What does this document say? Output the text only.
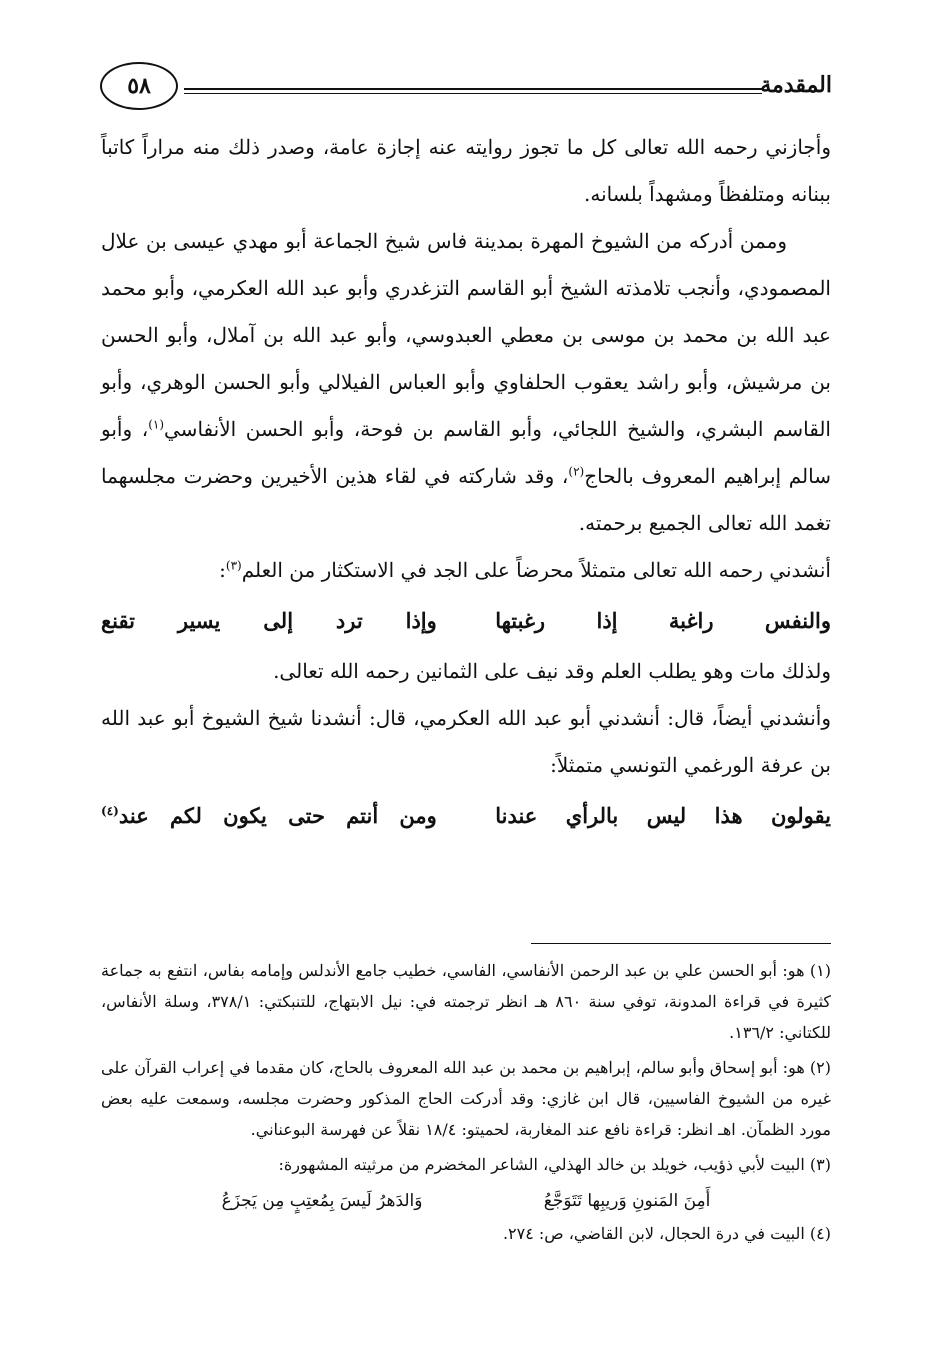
المقدمة
٥٨

وأجازني رحمه الله تعالى كل ما تجوز روايته عنه إجازة عامة، وصدر ذلك منه مراراً كاتباً ببنانه ومتلفظاً ومشهداً بلسانه.

وممن أدركه من الشيوخ المهرة بمدينة فاس شيخ الجماعة أبو مهدي عيسى بن علال المصمودي، وأنجب تلامذته الشيخ أبو القاسم التزغدري وأبو عبد الله العكرمي، وأبو محمد عبد الله بن محمد بن موسى بن معطي العبدوسي، وأبو عبد الله بن آملال، وأبو الحسن بن مرشيش، وأبو راشد يعقوب الحلفاوي وأبو العباس الفيلالي وأبو الحسن الوهري، وأبو القاسم البشري، والشيخ اللجائي، وأبو القاسم بن فوحة، وأبو الحسن الأنفاسي$^{(١)}$، وأبو سالم إبراهيم المعروف بالحاج$^{(٢)}$، وقد شاركته في لقاء هذين الأخيرين وحضرت مجلسهما تغمد الله تعالى الجميع برحمته.

أنشدني رحمه الله تعالى متمثلاً محرضاً على الجد في الاستكثار من العلم$^{(٣)}$:

والنفس راغبة إذا رغبتها
وإذا ترد إلى يسير تقنع

ولذلك مات وهو يطلب العلم وقد نيف على الثمانين رحمه الله تعالى.

وأنشدني أيضاً، قال: أنشدني أبو عبد الله العكرمي، قال: أنشدنا شيخ الشيوخ أبو عبد الله بن عرفة الورغمي التونسي متمثلاً:

يقولون هذا ليس بالرأي عندنا
ومن أنتم حتى يكون لكم عند$^{(٤)}$

(١) هو: أبو الحسن علي بن عبد الرحمن الأنفاسي، الفاسي، خطيب جامع الأندلس وإمامه بفاس، انتفع به جماعة كثيرة في قراءة المدونة، توفي سنة ٨٦٠ هـ انظر ترجمته في: نيل الابتهاج، للتنبكتي: ٣٧٨/١، وسلة الأنفاس، للكتاني: ١٣٦/٢.

(٢) هو: أبو إسحاق وأبو سالم، إبراهيم بن محمد بن عبد الله المعروف بالحاج، كان مقدما في إعراب القرآن على غيره من الشيوخ الفاسيين، قال ابن غازي: وقد أدركت الحاج المذكور وحضرت مجلسه، وسمعت عليه بعض مورد الظمآن. اهـ انظر: قراءة نافع عند المغاربة، لحميتو: ١٨/٤ نقلاً عن فهرسة البوعناني.

(٣) البيت لأبي ذؤيب، خويلد بن خالد الهذلي، الشاعر المخضرم من مرثيته المشهورة:

أَمِنَ المَنونِ وَريبِها تَتَوَجَّعُ
وَالدَهرُ لَيسَ بِمُعتِبٍ مِن يَجزَعُ

(٤) البيت في درة الحجال، لابن القاضي، ص: ٢٧٤.
